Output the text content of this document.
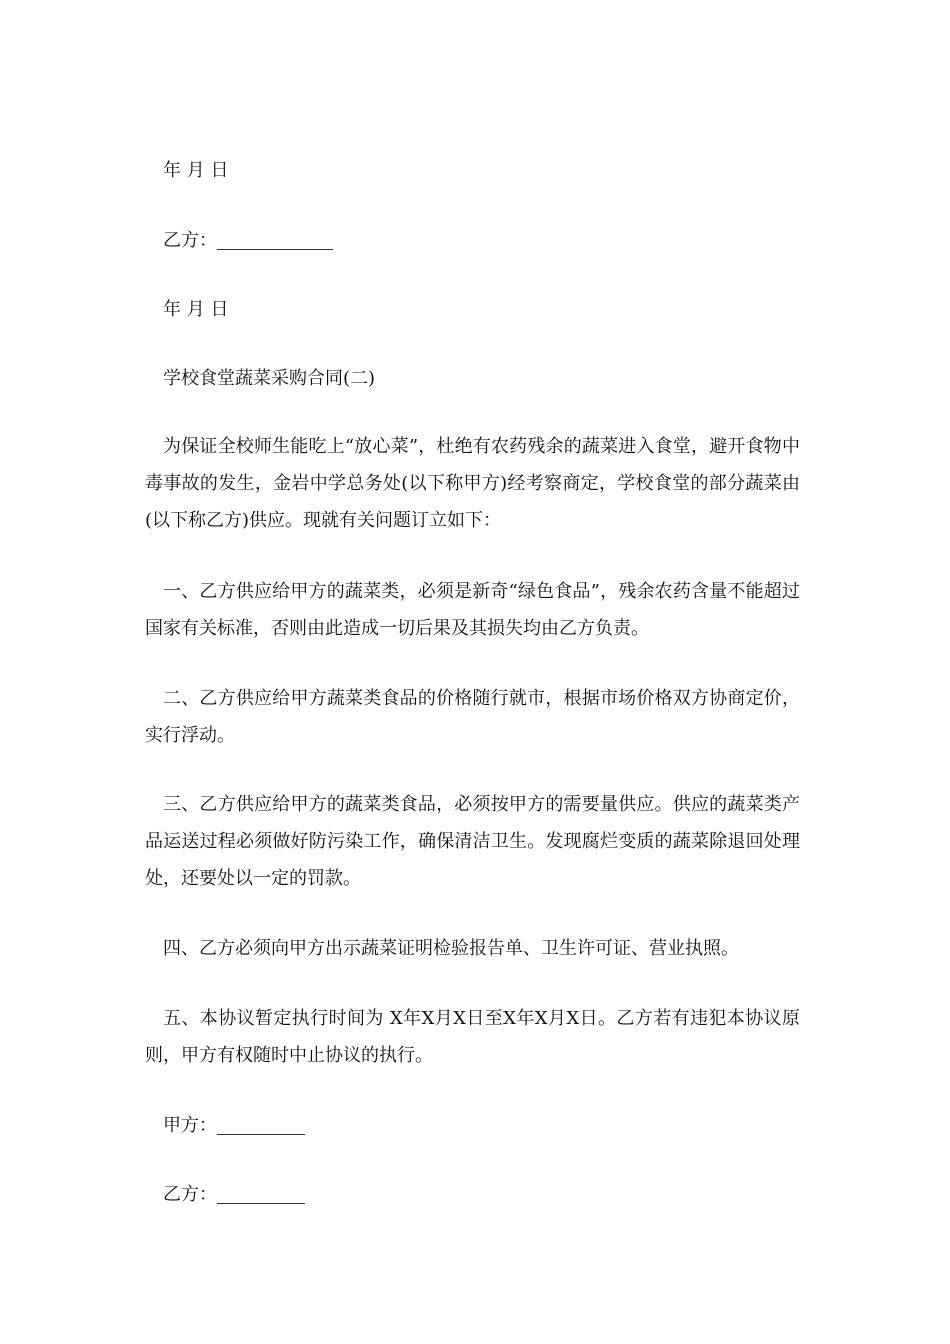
年 月 日
乙方：
年 月 日
学校食堂蔬菜采购合同(二)

为保证全校师生能吃上“放心菜”，杜绝有农药残余的蔬菜进入食堂，避开食物中毒事故的发生，金岩中学总务处(以下称甲方)经考察商定，学校食堂的部分蔬菜由 (以下称乙方)供应。现就有关问题订立如下：

一、乙方供应给甲方的蔬菜类，必须是新奇“绿色食品”，残余农药含量不能超过国家有关标准，否则由此造成一切后果及其损失均由乙方负责。

二、乙方供应给甲方蔬菜类食品的价格随行就市，根据市场价格双方协商定价，实行浮动。

三、乙方供应给甲方的蔬菜类食品，必须按甲方的需要量供应。供应的蔬菜类产品运送过程必须做好防污染工作，确保清洁卫生。发现腐烂变质的蔬菜除退回处理处，还要处以一定的罚款。

四、乙方必须向甲方出示蔬菜证明检验报告单、卫生许可证、营业执照。

五、本协议暂定执行时间为 X年X月X日至X年X月X日。乙方若有违犯本协议原则，甲方有权随时中止协议的执行。

甲方：
乙方：
